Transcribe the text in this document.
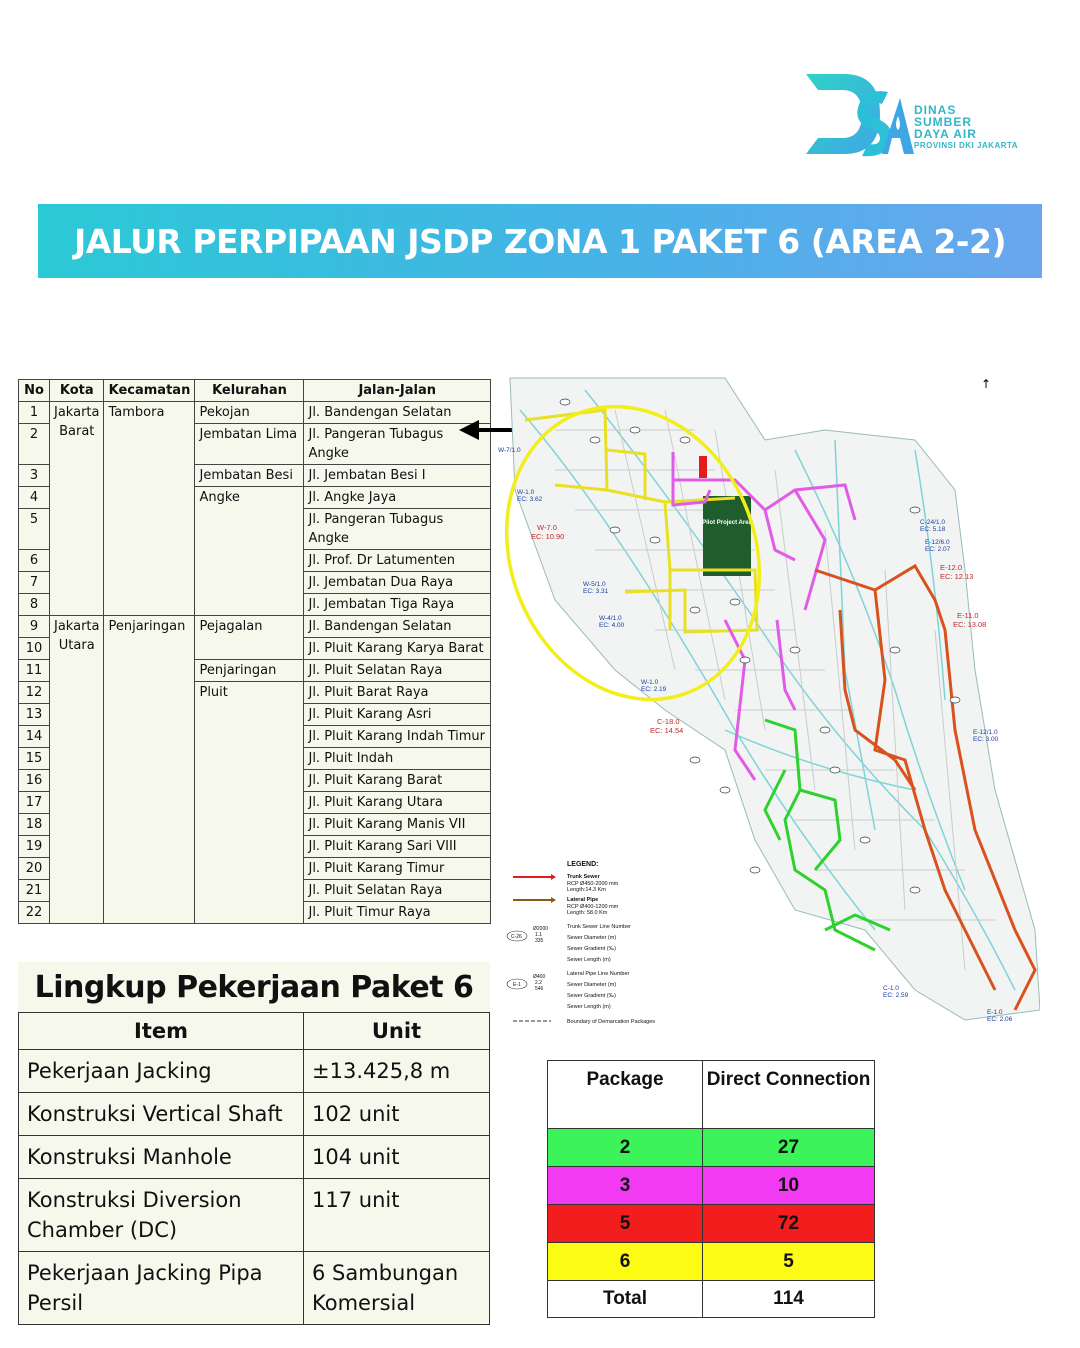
DINAS
SUMBER
DAYA AIR
PROVINSI DKI JAKARTA
JALUR PERPIPAAN JSDP ZONA 1 PAKET 6 (AREA 2-2)
No	Kota	Kecamatan	Kelurahan	Jalan-Jalan
1	Jakarta Barat	Tambora	Pekojan	Jl. Bandengan Selatan
2			Jembatan Lima	Jl. Pangeran Tubagus Angke
3			Jembatan Besi	Jl. Jembatan Besi I
4			Angke	Jl. Angke Jaya
5				Jl. Pangeran Tubagus Angke
6				Jl. Prof. Dr Latumenten
7				Jl. Jembatan Dua Raya
8				Jl. Jembatan Tiga Raya
9	Jakarta Utara	Penjaringan	Pejagalan	Jl. Bandengan Selatan
10				Jl. Pluit Karang Karya Barat
11			Penjaringan	Jl. Pluit Selatan Raya
12			Pluit	Jl. Pluit Barat Raya
13				Jl. Pluit Karang Asri
14				Jl. Pluit Karang Indah Timur
15				Jl. Pluit Indah
16				Jl. Pluit Karang Barat
17				Jl. Pluit Karang Utara
18				Jl. Pluit Karang Manis VII
19				Jl. Pluit Karang Sari VIII
20				Jl. Pluit Karang Timur
21				Jl. Pluit Selatan Raya
22				Jl. Pluit Timur Raya
Pilot Project Area
↑
W-7/1.0
W-1.0
EC: 3.62
W-7.0
EC: 10.90
W-5/1.0
EC: 3.31
W-4/1.0
EC: 4.00
W-1.0
EC: 2.19
C-18.0
EC: 14.54
C-24/1.0
EC: 5.18
E-12/6.0
EC: 2.07
E-12.0
EC: 12.13
E-11.0
EC: 13.08
E-12/1.0
EC: 3.00
C-1.0
EC: 2.59
E-1.0
EC: 2.06
LEGEND:
Trunk Sewer
RCP Ø450-2000 mm
Length:14.3 Km
Lateral Pipe
RCP Ø400-1200 mm
Length: 58.0 Km
C-26
Ø2000
1.1
335
Trunk Sewer Line Number
Sewer Diameter (m)
Sewer Gradient (‰)
Sewer Length (m)
E-1
Ø400
2.2
546
Lateral Pipe Line Number
Sewer Diameter (m)
Sewer Gradient (‰)
Sewer Length (m)
Boundary of Demarcation Packages
Lingkup Pekerjaan Paket 6
Item	Unit
Pekerjaan Jacking	±13.425,8 m
Konstruksi Vertical Shaft	102 unit
Konstruksi Manhole	104 unit
Konstruksi Diversion Chamber (DC)	117 unit
Pekerjaan Jacking Pipa Persil	6 Sambungan Komersial
Package	Direct Connection
2	27
3	10
5	72
6	5
Total	114
